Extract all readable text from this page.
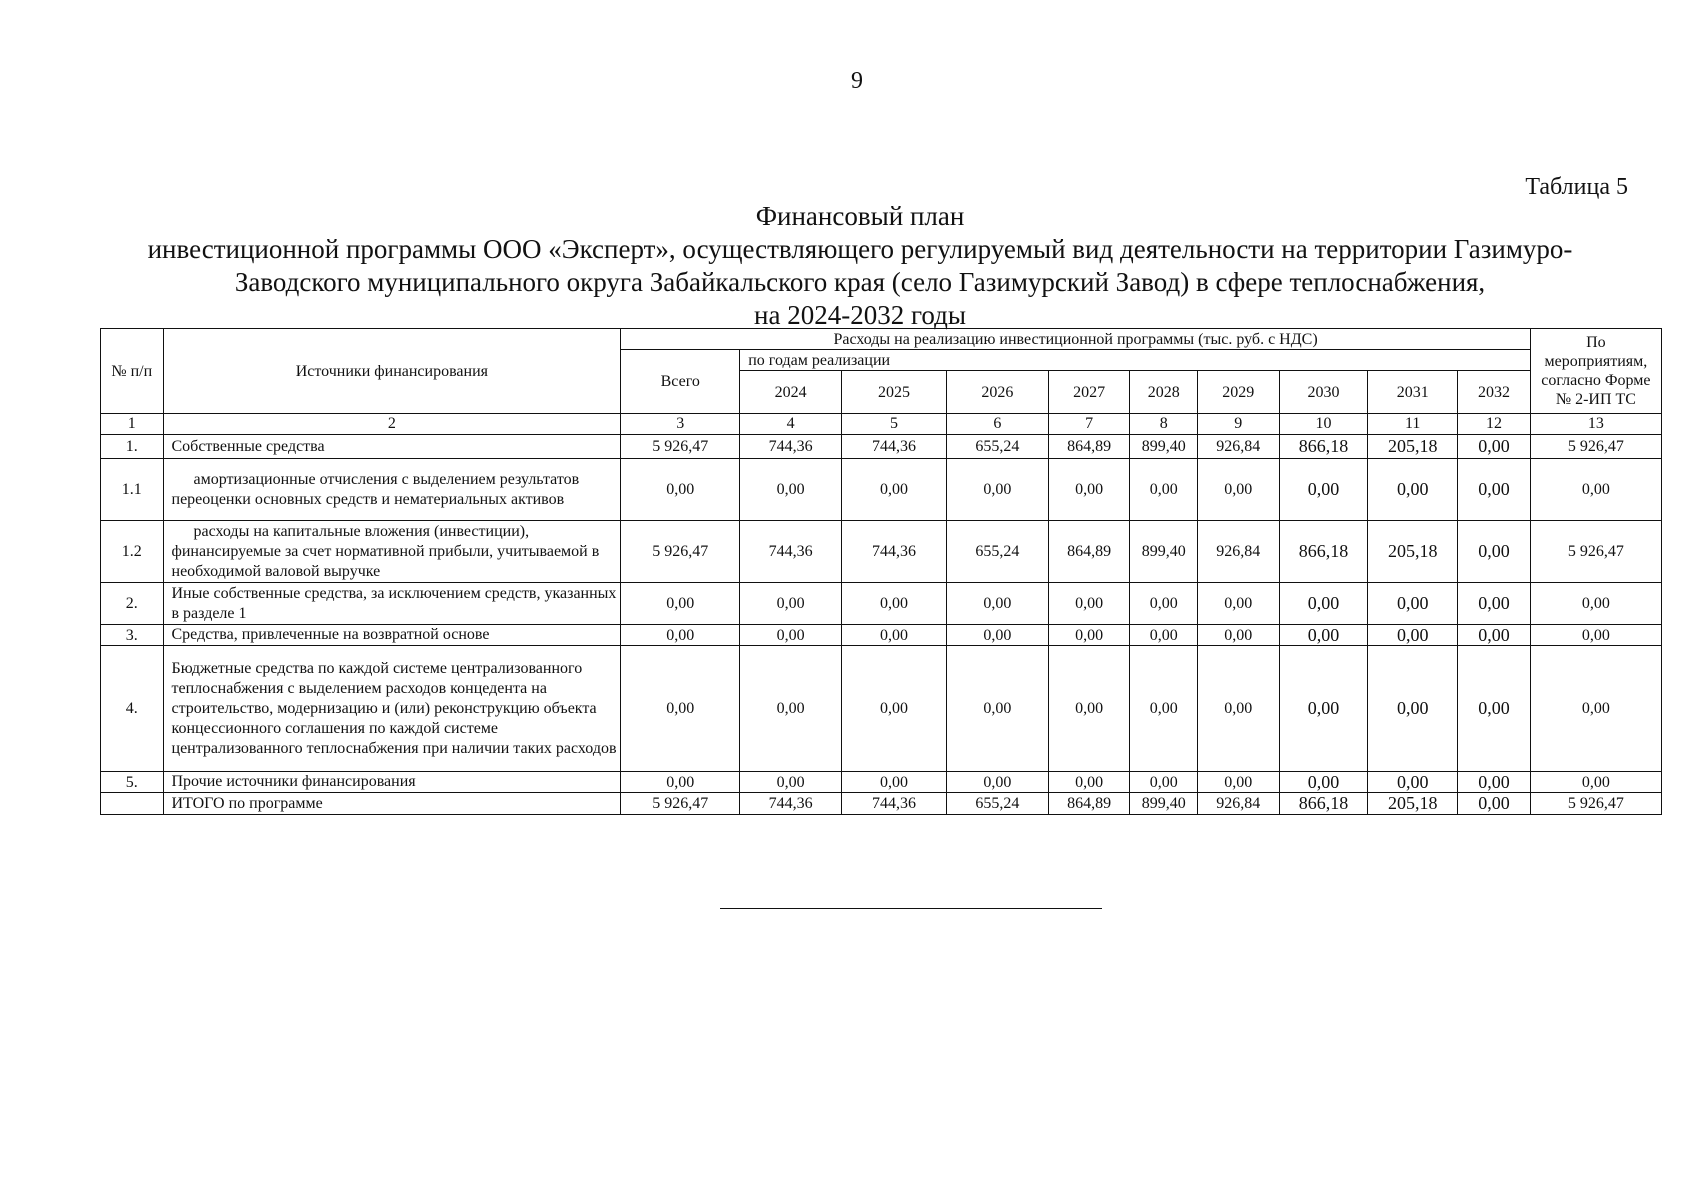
9
Таблица 5
Финансовый план
инвестиционной программы ООО «Эксперт», осуществляющего регулируемый вид деятельности на территории Газимуро-
Заводского муниципального округа Забайкальского края (село Газимурский Завод) в сфере теплоснабжения,
на 2024-2032 годы
№ п/п	Источники финансирования	Расходы на реализацию инвестиционной программы (тыс. руб. с НДС)										По мероприятиям, согласно Форме № 2-ИП ТС
		Всего	по годам реализации									
			2024	2025	2026	2027	2028	2029	2030	2031	2032	
1	2	3	4	5	6	7	8	9	10	11	12	13
1.	Собственные средства	5 926,47	744,36	744,36	655,24	864,89	899,40	926,84	866,18	205,18	0,00	5 926,47
1.1	амортизационные отчисления с выделением результатов переоценки основных средств и нематериальных активов	0,00	0,00	0,00	0,00	0,00	0,00	0,00	0,00	0,00	0,00	0,00
1.2	расходы на капитальные вложения (инвестиции), финансируемые за счет нормативной прибыли, учитываемой в необходимой валовой выручке	5 926,47	744,36	744,36	655,24	864,89	899,40	926,84	866,18	205,18	0,00	5 926,47
2.	Иные собственные средства, за исключением средств, указанных в разделе 1	0,00	0,00	0,00	0,00	0,00	0,00	0,00	0,00	0,00	0,00	0,00
3.	Средства, привлеченные на возвратной основе	0,00	0,00	0,00	0,00	0,00	0,00	0,00	0,00	0,00	0,00	0,00
4.	Бюджетные средства по каждой системе централизованного теплоснабжения с выделением расходов концедента на строительство, модернизацию и (или) реконструкцию объекта концессионного соглашения по каждой системе централизованного теплоснабжения при наличии таких расходов	0,00	0,00	0,00	0,00	0,00	0,00	0,00	0,00	0,00	0,00	0,00
5.	Прочие источники финансирования	0,00	0,00	0,00	0,00	0,00	0,00	0,00	0,00	0,00	0,00	0,00
	ИТОГО по программе	5 926,47	744,36	744,36	655,24	864,89	899,40	926,84	866,18	205,18	0,00	5 926,47
